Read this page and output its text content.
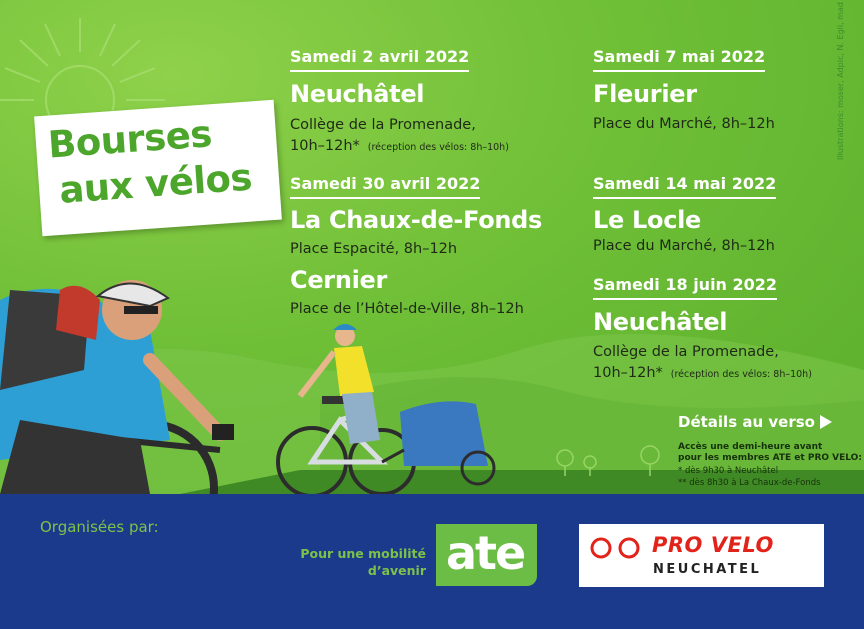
Bourses
aux vélos
Illustrations: moser, Adpic, N. Egli, mad
Samedi 2 avril 2022
Neuchâtel
Collège de la Promenade,
10h–12h* (réception des vélos: 8h–10h)
Samedi 30 avril 2022
La Chaux-de-Fonds
Place Espacité, 8h–12h
Cernier
Place de l’Hôtel-de-Ville, 8h–12h
Samedi 7 mai 2022
Fleurier
Place du Marché, 8h–12h
Samedi 14 mai 2022
Le Locle
Place du Marché, 8h–12h
Samedi 18 juin 2022
Neuchâtel
Collège de la Promenade,
10h–12h* (réception des vélos: 8h–10h)
Détails au verso
Accès une demi-heure avant
pour les membres ATE et PRO VELO:
* dès 9h30 à Neuchâtel
** dès 8h30 à La Chaux-de-Fonds
Organisées par:
Pour une mobilité
d’avenir ate	PRO VELO
NEUCHATEL
